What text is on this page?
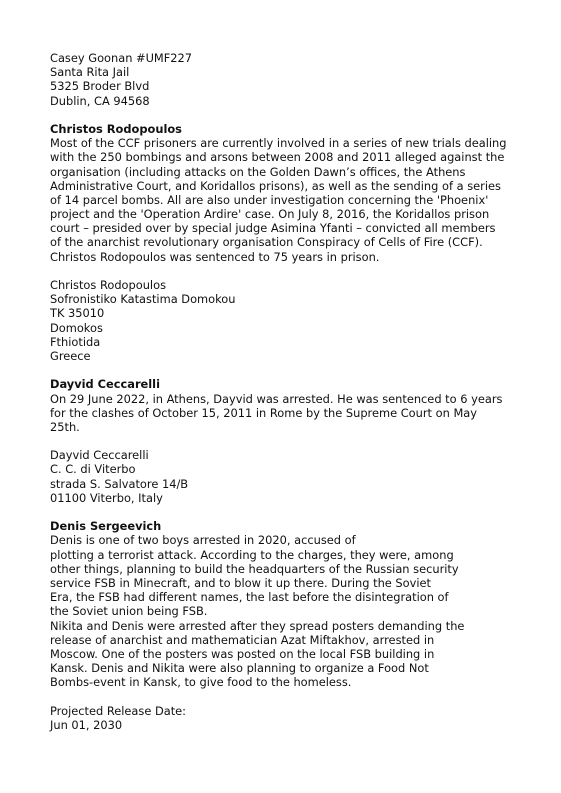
Casey Goonan #UMF227
Santa Rita Jail
5325 Broder Blvd
Dublin, CA 94568
Christos Rodopoulos
Most of the CCF prisoners are currently involved in a series of new trials dealing
with the 250 bombings and arsons between 2008 and 2011 alleged against the
organisation (including attacks on the Golden Dawn’s offices, the Athens
Administrative Court, and Koridallos prisons), as well as the sending of a series
of 14 parcel bombs. All are also under investigation concerning the 'Phoenix'
project and the 'Operation Ardire' case. On July 8, 2016, the Koridallos prison
court – presided over by special judge Asimina Yfanti – convicted all members
of the anarchist revolutionary organisation Conspiracy of Cells of Fire (CCF).
Christos Rodopoulos was sentenced to 75 years in prison.
Christos Rodopoulos
Sofronistiko Katastima Domokou
TK 35010
Domokos
Fthiotida
Greece
Dayvid Ceccarelli
On 29 June 2022, in Athens, Dayvid was arrested. He was sentenced to 6 years
for the clashes of October 15, 2011 in Rome by the Supreme Court on May
25th.
Dayvid Ceccarelli
C. C. di Viterbo
strada S. Salvatore 14/B
01100 Viterbo, Italy
Denis Sergeevich
Denis is one of two boys arrested in 2020, accused of
plotting a terrorist attack. According to the charges, they were, among
other things, planning to build the headquarters of the Russian security
service FSB in Minecraft, and to blow it up there. During the Soviet
Era, the FSB had different names, the last before the disintegration of
the Soviet union being FSB.
Nikita and Denis were arrested after they spread posters demanding the
release of anarchist and mathematician Azat Miftakhov, arrested in
Moscow. One of the posters was posted on the local FSB building in
Kansk. Denis and Nikita were also planning to organize a Food Not
Bombs-event in Kansk, to give food to the homeless.
Projected Release Date:
Jun 01, 2030
